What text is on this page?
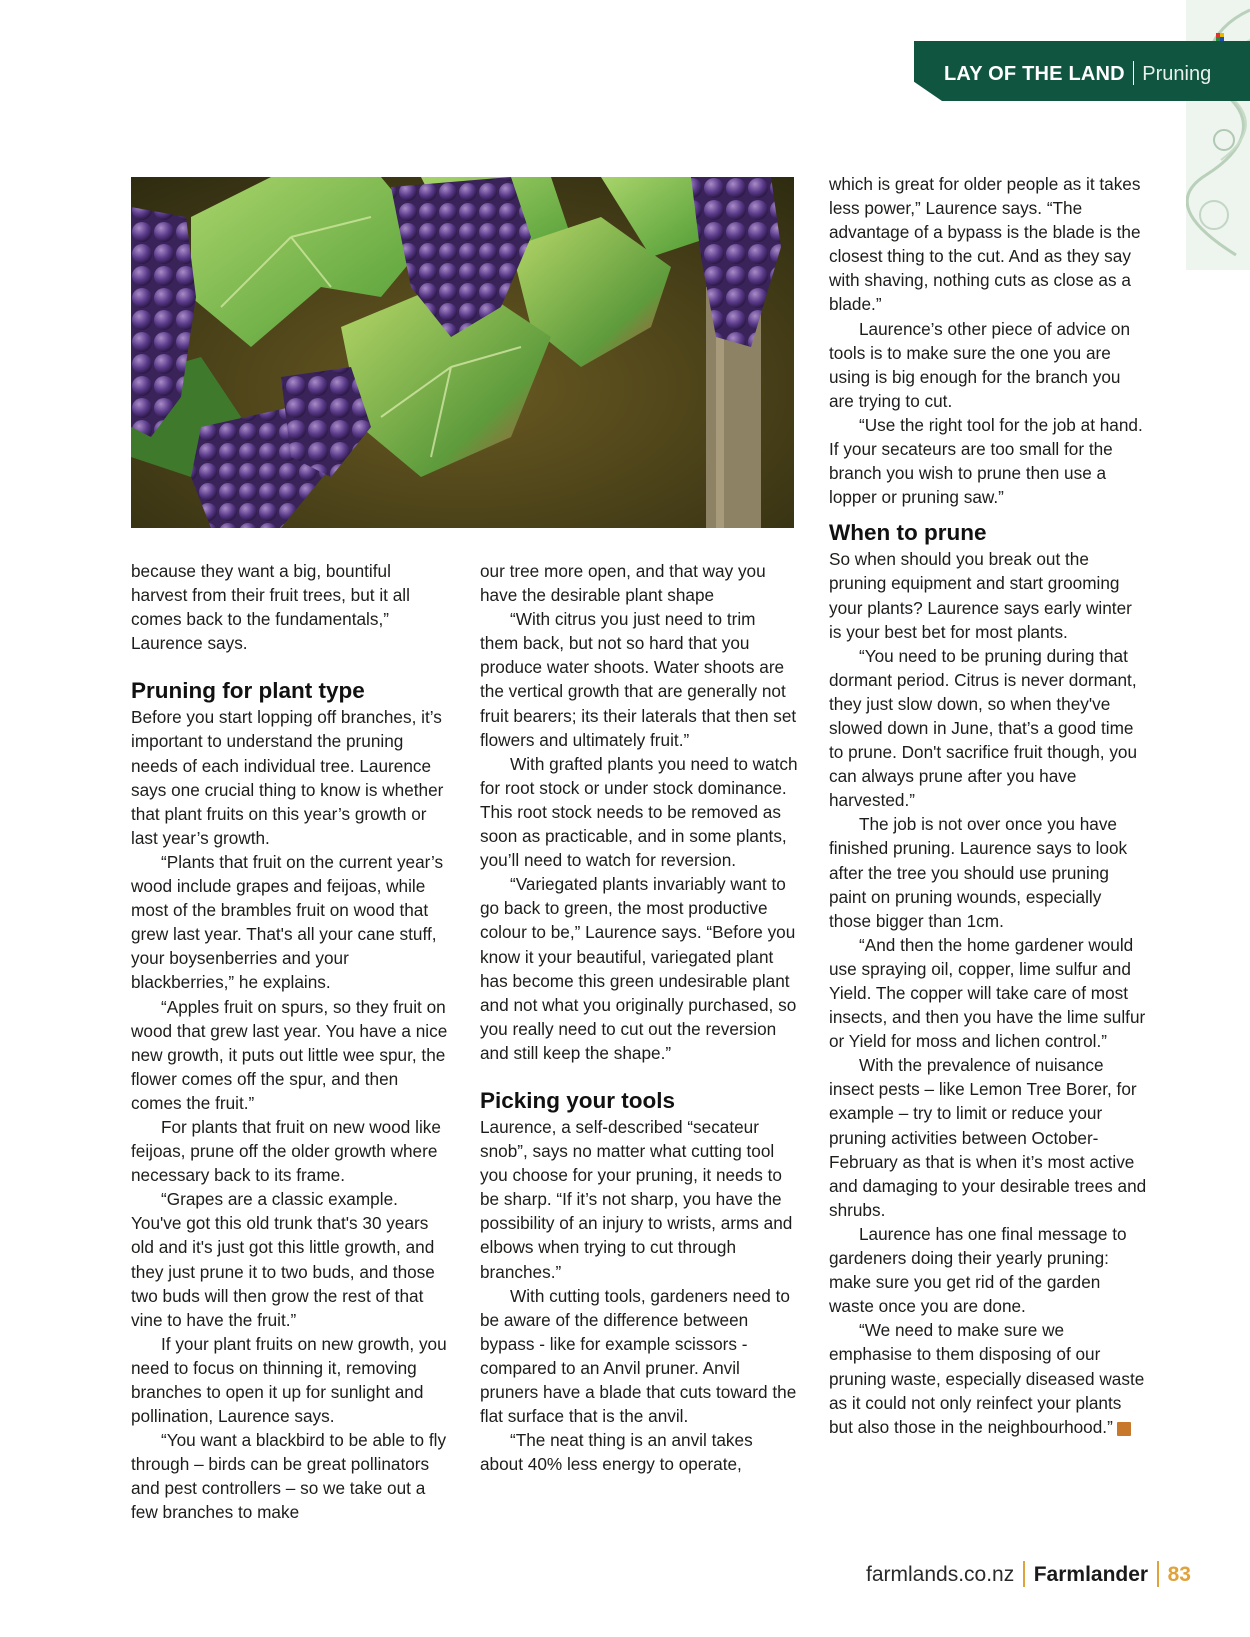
LAY OF THE LAND Pruning

because they want a big, bountiful harvest from their fruit trees, but it all comes back to the fundamentals,” Laurence says.

Pruning for plant type

Before you start lopping off branches, it’s important to understand the pruning needs of each individual tree. Laurence says one crucial thing to know is whether that plant fruits on this year’s growth or last year’s growth.

“Plants that fruit on the current year’s wood include grapes and feijoas, while most of the brambles fruit on wood that grew last year. That's all your cane stuff, your boysenberries and your blackberries,” he explains.

“Apples fruit on spurs, so they fruit on wood that grew last year. You have a nice new growth, it puts out little wee spur, the flower comes off the spur, and then comes the fruit.”

For plants that fruit on new wood like feijoas, prune off the older growth where necessary back to its frame.

“Grapes are a classic example. You've got this old trunk that's 30 years old and it's just got this little growth, and they just prune it to two buds, and those two buds will then grow the rest of that vine to have the fruit.”

If your plant fruits on new growth, you need to focus on thinning it, removing branches to open it up for sunlight and pollination, Laurence says.

“You want a blackbird to be able to fly through – birds can be great pollinators and pest controllers – so we take out a few branches to make

our tree more open, and that way you have the desirable plant shape

“With citrus you just need to trim them back, but not so hard that you produce water shoots. Water shoots are the vertical growth that are generally not fruit bearers; its their laterals that then set flowers and ultimately fruit.”

With grafted plants you need to watch for root stock or under stock dominance. This root stock needs to be removed as soon as practicable, and in some plants, you’ll need to watch for reversion.

“Variegated plants invariably want to go back to green, the most productive colour to be,” Laurence says. “Before you know it your beautiful, variegated plant has become this green undesirable plant and not what you originally purchased, so you really need to cut out the reversion and still keep the shape.”

Picking your tools

Laurence, a self-described “secateur snob”, says no matter what cutting tool you choose for your pruning, it needs to be sharp. “If it’s not sharp, you have the possibility of an injury to wrists, arms and elbows when trying to cut through branches.”

With cutting tools, gardeners need to be aware of the difference between bypass - like for example scissors - compared to an Anvil pruner. Anvil pruners have a blade that cuts toward the flat surface that is the anvil.

“The neat thing is an anvil takes about 40% less energy to operate,

which is great for older people as it takes less power,” Laurence says. “The advantage of a bypass is the blade is the closest thing to the cut. And as they say with shaving, nothing cuts as close as a blade.”

Laurence’s other piece of advice on tools is to make sure the one you are using is big enough for the branch you are trying to cut.

“Use the right tool for the job at hand. If your secateurs are too small for the branch you wish to prune then use a lopper or pruning saw.”

When to prune

So when should you break out the pruning equipment and start grooming your plants? Laurence says early winter is your best bet for most plants.

“You need to be pruning during that dormant period. Citrus is never dormant, they just slow down, so when they've slowed down in June, that’s a good time to prune. Don't sacrifice fruit though, you can always prune after you have harvested.”

The job is not over once you have finished pruning. Laurence says to look after the tree you should use pruning paint on pruning wounds, especially those bigger than 1cm.

“And then the home gardener would use spraying oil, copper, lime sulfur and Yield. The copper will take care of most insects, and then you have the lime sulfur or Yield for moss and lichen control.”

With the prevalence of nuisance insect pests – like Lemon Tree Borer, for example – try to limit or reduce your pruning activities between October-February as that is when it’s most active and damaging to your desirable trees and shrubs.

Laurence has one final message to gardeners doing their yearly pruning: make sure you get rid of the garden waste once you are done.

“We need to make sure we emphasise to them disposing of our pruning waste, especially diseased waste as it could not only reinfect your plants but also those in the neighbourhood.”	F

farmlands.co.nz Farmlander 83
